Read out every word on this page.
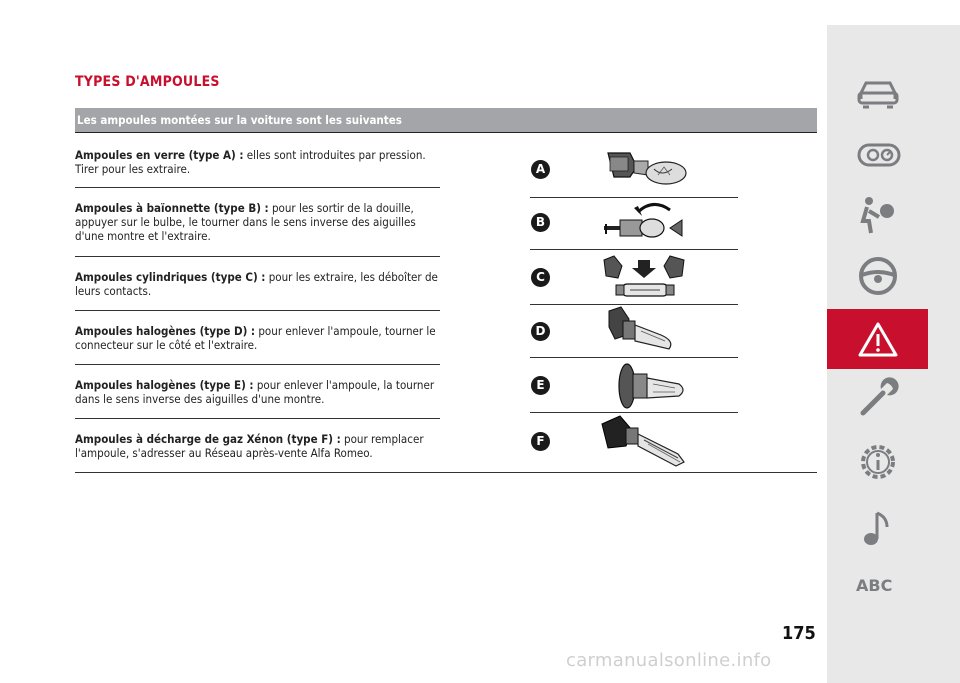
TYPES D'AMPOULES
Les ampoules montées sur la voiture sont les suivantes
Ampoules en verre (type A) : elles sont introduites par pression. Tirer pour les extraire.
Ampoules à baïonnette (type B) : pour les sortir de la douille, appuyer sur le bulbe, le tourner dans le sens inverse des aiguilles d'une montre et l'extraire.
Ampoules cylindriques (type C) : pour les extraire, les déboîter de leurs contacts.
Ampoules halogènes (type D) : pour enlever l'ampoule, tourner le connecteur sur le côté et l'extraire.
Ampoules halogènes (type E) : pour enlever l'ampoule, la tourner dans le sens inverse des aiguilles d'une montre.
Ampoules à décharge de gaz Xénon (type F) : pour remplacer l'ampoule, s'adresser au Réseau après-vente Alfa Romeo.
A
B
C
D
E
F
175
ABC
carmanualsonline.info
